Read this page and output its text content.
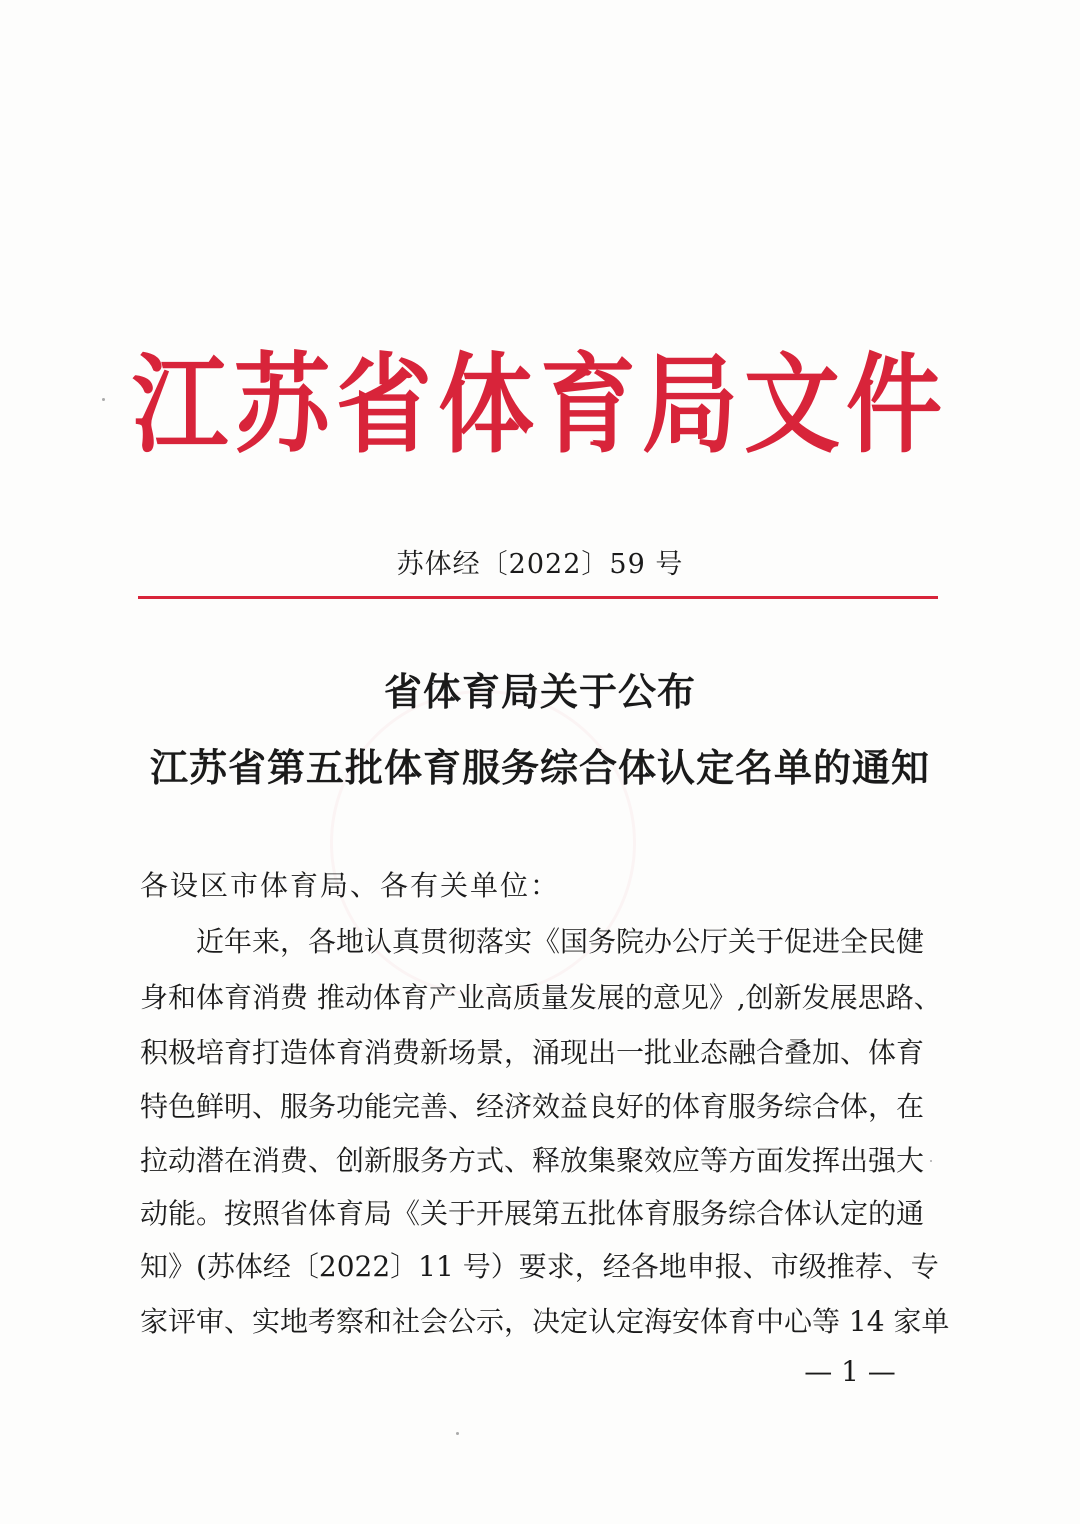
江苏省体育局文件
苏体经〔2022〕59 号
省体育局关于公布
江苏省第五批体育服务综合体认定名单的通知
各设区市体育局、各有关单位：
近年来，各地认真贯彻落实《国务院办公厅关于促进全民健
身和体育消费 推动体育产业高质量发展的意见》,创新发展思路、
积极培育打造体育消费新场景，涌现出一批业态融合叠加、体育
特色鲜明、服务功能完善、经济效益良好的体育服务综合体，在
拉动潜在消费、创新服务方式、释放集聚效应等方面发挥出强大
动能。按照省体育局《关于开展第五批体育服务综合体认定的通
知》(苏体经〔2022〕11 号）要求，经各地申报、市级推荐、专
家评审、实地考察和社会公示，决定认定海安体育中心等 14 家单
— 1 —
